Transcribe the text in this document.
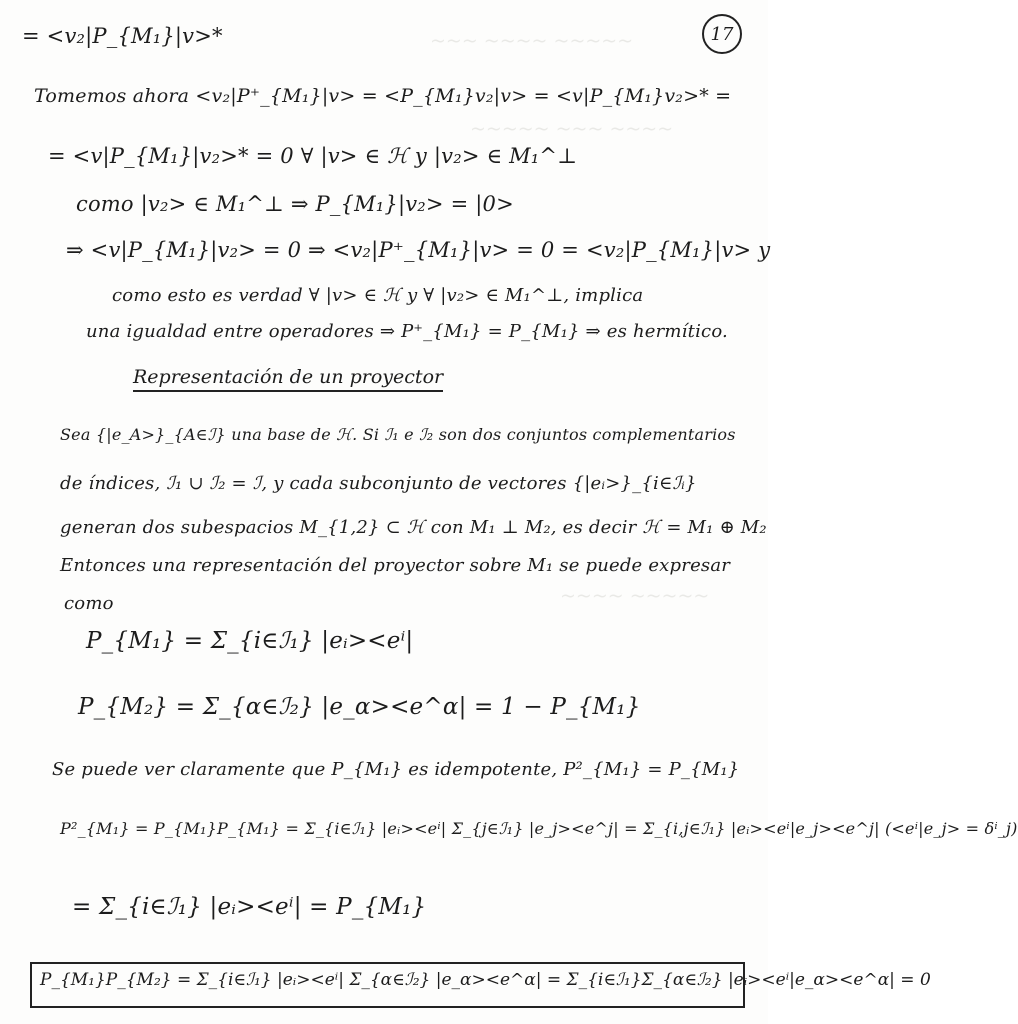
~~~ ~~~~ ~~~~~
~~~~~ ~~~ ~~~~
~~~~ ~~~~~
17
= <v₂|P_{M₁}|v>*
Tomemos ahora <v₂|P⁺_{M₁}|v> = <P_{M₁}v₂|v> = <v|P_{M₁}v₂>* =
= <v|P_{M₁}|v₂>* = 0 ∀ |v> ∈ ℋ y |v₂> ∈ M₁^⊥
como |v₂> ∈ M₁^⊥ ⇒ P_{M₁}|v₂> = |0>
⇒ <v|P_{M₁}|v₂> = 0 ⇒ <v₂|P⁺_{M₁}|v> = 0 = <v₂|P_{M₁}|v> y
como esto es verdad ∀ |v> ∈ ℋ y ∀ |v₂> ∈ M₁^⊥, implica
una igualdad entre operadores ⇒ P⁺_{M₁} = P_{M₁} ⇒ es hermítico.
Representación de un proyector
Sea {|e_A>}_{A∈ℐ} una base de ℋ. Si ℐ₁ e ℐ₂ son dos conjuntos complementarios
de índices, ℐ₁ ∪ ℐ₂ = ℐ, y cada subconjunto de vectores {|eᵢ>}_{i∈ℐᵢ}
generan dos subespacios M_{1,2} ⊂ ℋ con M₁ ⊥ M₂, es decir ℋ = M₁ ⊕ M₂
Entonces una representación del proyector sobre M₁ se puede expresar
como
P_{M₁} = Σ_{i∈ℐ₁} |eᵢ><eⁱ|
P_{M₂} = Σ_{α∈ℐ₂} |e_α><e^α| = 1 − P_{M₁}
Se puede ver claramente que P_{M₁} es idempotente, P²_{M₁} = P_{M₁}
P²_{M₁} = P_{M₁}P_{M₁} = Σ_{i∈ℐ₁} |eᵢ><eⁱ| Σ_{j∈ℐ₁} |e_j><e^j| = Σ_{i,j∈ℐ₁} |eᵢ><eⁱ|e_j><e^j| (<eⁱ|e_j> = δⁱ_j)
= Σ_{i∈ℐ₁} |eᵢ><eⁱ| = P_{M₁}
P_{M₁}P_{M₂} = Σ_{i∈ℐ₁} |eᵢ><eⁱ| Σ_{α∈ℐ₂} |e_α><e^α| = Σ_{i∈ℐ₁}Σ_{α∈ℐ₂} |eᵢ><eⁱ|e_α><e^α| = 0
